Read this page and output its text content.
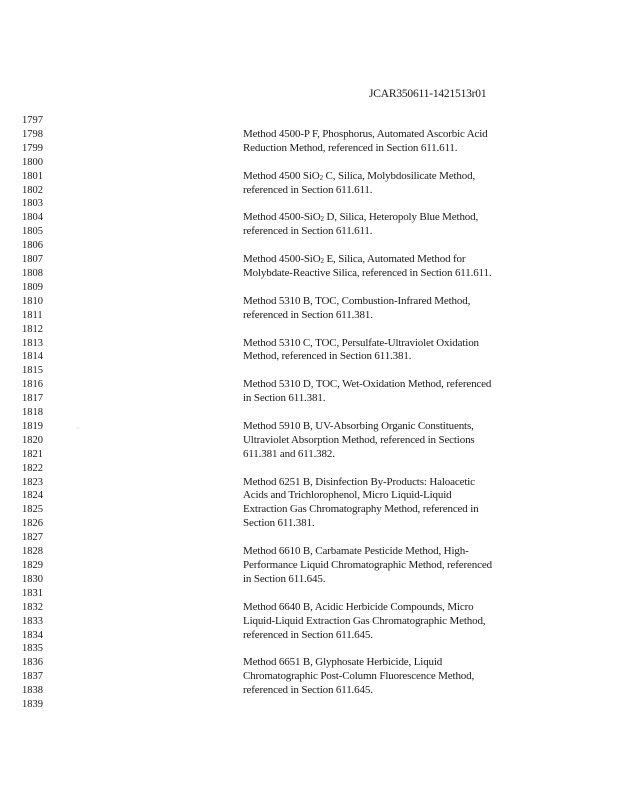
JCAR350611-1421513r01
·
1797
1798	Method 4500-P F, Phosphorus, Automated Ascorbic Acid
1799	Reduction Method, referenced in Section 611.611.
1800
1801	Method 4500 SiO$_2$ C, Silica, Molybdosilicate Method,
1802	referenced in Section 611.611.
1803
1804	Method 4500-SiO$_2$ D, Silica, Heteropoly Blue Method,
1805	referenced in Section 611.611.
1806
1807	Method 4500-SiO$_2$ E, Silica, Automated Method for
1808	Molybdate-Reactive Silica, referenced in Section 611.611.
1809
1810	Method 5310 B, TOC, Combustion-Infrared Method,
1811	referenced in Section 611.381.
1812
1813	Method 5310 C, TOC, Persulfate-Ultraviolet Oxidation
1814	Method, referenced in Section 611.381.
1815
1816	Method 5310 D, TOC, Wet-Oxidation Method, referenced
1817	in Section 611.381.
1818
1819	Method 5910 B, UV-Absorbing Organic Constituents,
1820	Ultraviolet Absorption Method, referenced in Sections
1821	611.381 and 611.382.
1822
1823	Method 6251 B, Disinfection By-Products: Haloacetic
1824	Acids and Trichlorophenol, Micro Liquid-Liquid
1825	Extraction Gas Chromatography Method, referenced in
1826	Section 611.381.
1827
1828	Method 6610 B, Carbamate Pesticide Method, High-
1829	Performance Liquid Chromatographic Method, referenced
1830	in Section 611.645.
1831
1832	Method 6640 B, Acidic Herbicide Compounds, Micro
1833	Liquid-Liquid Extraction Gas Chromatographic Method,
1834	referenced in Section 611.645.
1835
1836	Method 6651 B, Glyphosate Herbicide, Liquid
1837	Chromatographic Post-Column Fluorescence Method,
1838	referenced in Section 611.645.
1839
